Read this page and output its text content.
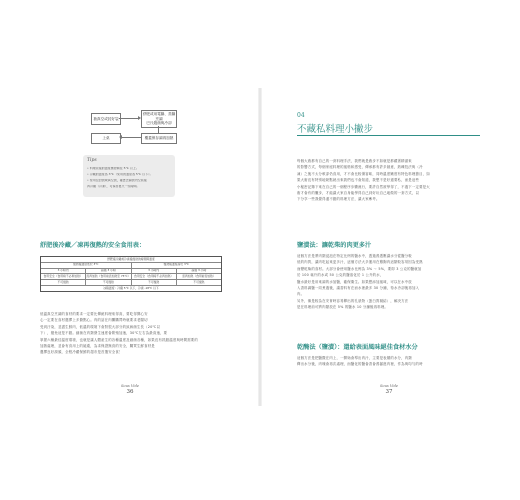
抽真空或封好袋
舒肥或用電鍋、蒸鍋烹調
巴氏殺菌與冷卻
上桌	覆蓋保存調 再加熱
Tips
• 料理完後的溫度應控制在 5℃ 以上。
• 冷藏的溫度為 3℃（免用的溫度為 5℃ 以下）。
• 使用密封袋或真空袋，確實去除袋內空氣後
再冷藏（冷凍），可保存更久一些時間。
舒肥後冷藏／凍再復熱的安全食用表：
舒肥後冷藏或冷凍後復熱的時間與溫度
復熱後溫度低於 3℃	復熱後溫度高於 3℃
3 小時內	超過 3 小時	3 小時內	超過 3 小時
食用安全（食用時不必再加熱）	需再加熱（食用前需加熱至 75℃）	食用安全（食用時不必再加熱）	需再加熱（食用前需加熱）
不可復熱	不可復熱	不可復熱	不可復熱
冰箱溫度：冷藏 5℃ 以下，冷凍 -18℃ 以下
低溫真空烹調的食材的要求一定要比傳統料理來得高，要吃得開心安
心一定要在食材選擇上多費點心。肉的話在肉攤購買時就要求老闆切
受到汙染，並盡生鮮肉，低溫的環境下會對很大部分的致病菌生長（20℃以
下），避免這是不錯。細菌在肉類發生速度會繁殖加速，30℃左右為最高速，要
掌握六種最佳溫度環境，也就是讓人體產生的各種溫度及細菌各種，如果沒有抓錯溫度與時間需要的
加熱處理，並會有食用上的疑慮，為求保證無食的安全，購買生鮮食材是
選擇良好源頭，全程冷藏保鮮的超市是首選安全食！
Sous Vide
36
04
不藏私料理小撇步
每個大廚都有自己的一套料理手法，我們就是廚步不如就是都藏著精湛來
的影響方式，每個家庭料理的風格和感受，傳承都有許多創意，熟練技法與（冷
凍）之後不太分軟卻仍食用，才不會比較傷害味，同時溫度嫩度有特色料理節目，如
果大廚沒有特別地缺點就出來我們也不會知道，我想不是好還要私，而是這些
小秘密記錄下來在自己的一個程序步驟流行，要許自然被學得了，不過下一定要是大
廚才會有的撇步，才能讓大家自身能學得自己到好玩自己地做的一套方式，以
下分享一些我覺得還不錯的料理方法，讓大家參考。
鹽漬法：讓乾柴的肉更多汁
這個方法是將肉類浸泡在特定比例的鹽水中，透過滲透壓讓水分從鹽分較
低的肉質，讓肉吃起來更多汁，這個方法大多運用在雞胸肉這類較容易因為受熱
而變乾柴的食材。大部分會使用鹽水比例為 3% ～ 5%，要即 3 公克的鹽就加
於 100 毫升的水或 50 公克的鹽溶化於 1 公升的水，
鹽水最好是用來調的水加鹽，確保衛生。如果想添加風味，可以在水中放
入香料調鹽一同煮過後，讓香料有在而水裡最多 30 分鐘，待水冷卻後再加入
肉。
另外，像是較為在安育時容易釋出的孔狀物（蛋白質凝結），解決方法
是在料理前可將肉類放在 5% 的鹽水 10 分鐘後再料理。
乾醃法（鹽漬）：還給表面風味絕佳食材水分
這個方法是把鹽撒在肉上，一開始會導出肉汁，主要是表層的水分，肉類
釋出水分後，肉塊會再次處理，而鹽化的鹽會香會滲漏進肉裡，作為與均勻的時
Sous Vide
37
